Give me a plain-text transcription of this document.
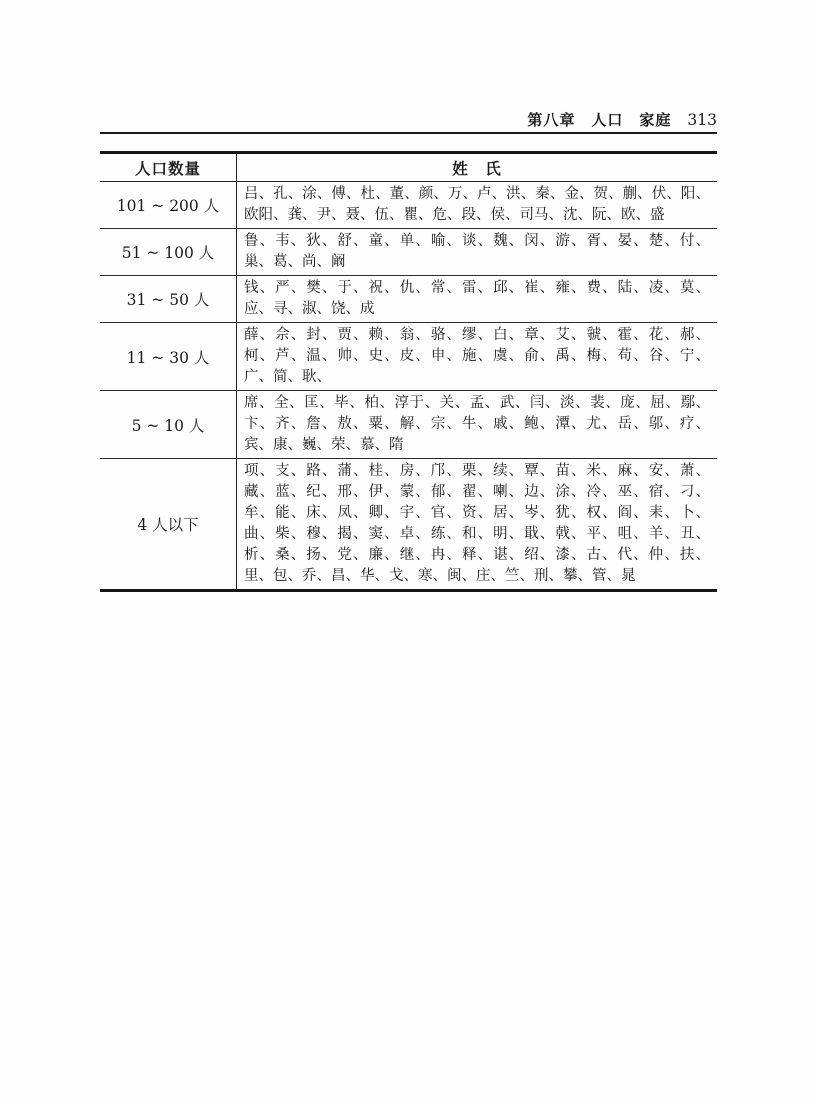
第八章　人口　家庭 313
人口数量	姓　氏
101 ~ 200 人	吕、孔、涂、傅、杜、董、颜、万、卢、洪、秦、金、贺、蒯、伏、阳、
欧阳、龚、尹、聂、伍、瞿、危、段、侯、司马、沈、阮、欧、盛

51 ~ 100 人	鲁、韦、狄、舒、童、单、喻、谈、魏、闵、游、胥、晏、楚、付、
巢、葛、尚、阚

31 ~ 50 人	钱、严、樊、于、祝、仇、常、雷、邱、崔、雍、费、陆、凌、莫、
应、寻、淑、饶、成

11 ~ 30 人	薛、佘、封、贾、赖、翁、骆、缪、白、章、艾、虢、霍、花、郝、
柯、芦、温、帅、史、皮、申、施、虞、俞、禹、梅、苟、谷、宁、
广、简、耿、

5 ~ 10 人	席、全、匡、毕、柏、淳于、关、孟、武、闫、淡、裴、庞、屈、鄢、
卞、齐、詹、敖、粟、解、宗、牛、戚、鲍、潭、尤、岳、邬、疗、
宾、康、巍、荣、慕、隋

4 人以下	
项、支、路、蒲、桂、房、邝、栗、续、覃、苗、米、麻、安、萧、
藏、蓝、纪、邢、伊、蒙、郁、翟、喇、边、涂、冷、巫、宿、刁、
牟、能、床、凤、卿、宇、官、资、居、岑、犹、权、阎、耒、卜、
曲、柴、穆、揭、窦、卓、练、和、明、戢、戟、平、咀、羊、丑、
析、桑、扬、党、廉、继、冉、释、谌、绍、漆、古、代、仲、扶、
里、包、乔、昌、华、戈、寒、闽、庄、竺、刑、攀、管、晁
